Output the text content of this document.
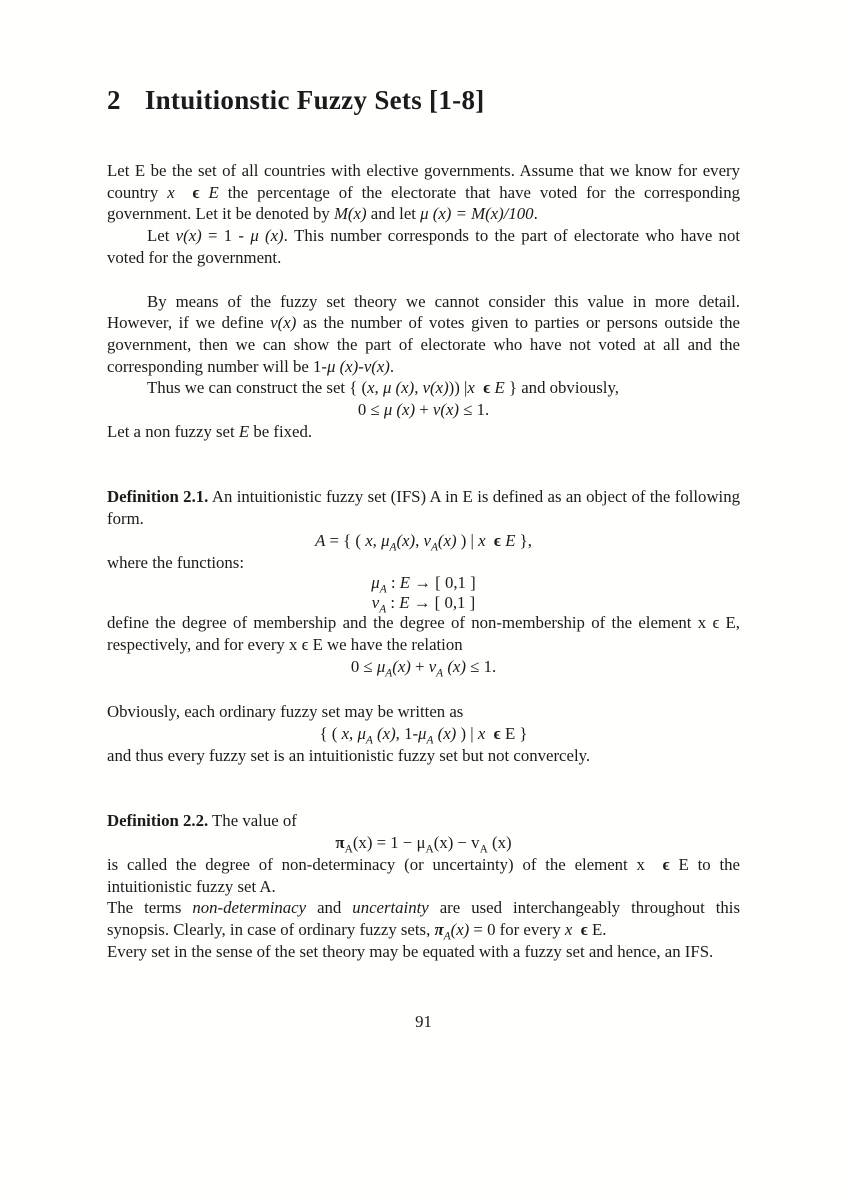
2 Intuitionstic Fuzzy Sets [1-8]

Let E be the set of all countries with elective governments. Assume that we know for every country x ϵ E the percentage of the electorate that have voted for the corresponding government. Let it be denoted by M(x) and let μ (x) = M(x)/100.

Let v(x) = 1 - μ (x). This number corresponds to the part of electorate who have not voted for the government.

By means of the fuzzy set theory we cannot consider this value in more detail. However, if we define v(x) as the number of votes given to parties or persons outside the government, then we can show the part of electorate who have not voted at all and the corresponding number will be 1-μ (x)-v(x).

Thus we can construct the set { (x, μ (x), v(x))) |x ϵ E } and obviously,

0 ≤ μ (x) + v(x) ≤ 1.

Let a non fuzzy set E be fixed.

Definition 2.1. An intuitionistic fuzzy set (IFS) A in E is defined as an object of the following form.

A = { ( x, $\mu_A(x)$, $v_A(x)$ ) | x ϵ E },

where the functions:

$\mu_A$ : E → [ 0,1 ]

$v_A$ : E → [ 0,1 ]

define the degree of membership and the degree of non-membership of the element x ϵ E, respectively, and for every x ϵ E we have the relation

$0 \le \mu_A(x) + v_A$ (x) ≤ 1.

Obviously, each ordinary fuzzy set may be written as

{ ( x, $\mu_A$ (x), $1-\mu_A$ (x) ) | x ϵ E }

and thus every fuzzy set is an intuitionistic fuzzy set but not convercely.

Definition 2.2. The value of

$\pi_A(x) = 1 - \mu_A(x) - v_A$ (x)

is called the degree of non-determinacy (or uncertainty) of the element x  ϵ E to the intuitionistic fuzzy set A.

The terms non-determinacy and uncertainty are used interchangeably throughout this synopsis. Clearly, in case of ordinary fuzzy sets, $\pi_A(x) = 0$ for every x ϵ E.

Every set in the sense of the set theory may be equated with a fuzzy set and hence, an IFS.

91
